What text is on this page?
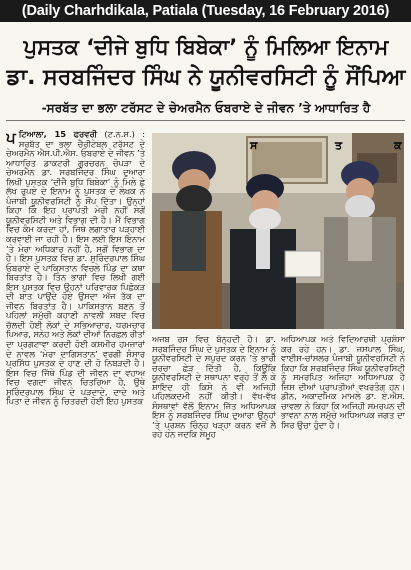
(Daily Charhdikala, Patiala (Tuesday, 16 February 2016)
ਪੁਸਤਕ ‘ਦੀਜੇ ਬੁਧਿ ਬਿਬੇਕਾ’ ਨੂੰ ਮਿਲਿਆ ਇਨਾਮ
ਡਾ. ਸਰਬਜਿੰਦਰ ਸਿੰਘ ਨੇ ਯੂਨੀਵਰਸਿਟੀ ਨੂੰ ਸੌਂਪਿਆ
-ਸਰਬੱਤ ਦਾ ਭਲਾ ਟਰੱਸਟ ਦੇ ਚੇਅਰਮੈਨ ਓਬਰਾਏ ਦੇ ਜੀਵਨ ’ਤੇ ਆਧਾਰਿਤ ਹੈ
ਪ ਟਿਆਲਾ, 15 ਫਰਵਰੀ (ਟ.ਨ.ਸ.) : ਸਰਬੱਤ ਦਾ ਭਲਾ ਚੈਰੀਟੇਬਲ ਟਰੱਸਟ ਦੇ ਚੇਅਰਮੈਨ ਐਸ.ਪੀ.ਐਸ. ਓਬਰਾਏ ਦੇ ਜੀਵਨ ’ਤੇ ਆਧਾਰਿਤ ਡਾਕਟਰੀ ਗੁਰਚਰਨ ਚੋਪੜਾ ਦੇ ਚੇਅਰਮੈਨ ਡਾ. ਸਰਬਜਿੰਦਰ ਸਿੰਘ ਦੁਆਰਾ ਲਿਖੀ ਪੁਸਤਕ ‘ਦੀਜੈ ਬੁਧਿ ਬਿਬੇਕਾ’ ਨੂੰ ਮਿਲੇ ਛੇ ਲੱਖ ਰੁਪਏ ਦੇ ਇਨਾਮ ਨੂੰ ਪੁਸਤਕ ਦੇ ਲੇਖਕ ਨੇ ਪੰਜਾਬੀ ਯੂਨੀਵਰਸਿਟੀ ਨੂੰ ਸੌਂਪ ਦਿੱਤਾ। ਉਨ੍ਹਾਂ ਕਿਹਾ ਕਿ ਇਹ ਪ੍ਰਾਪਤੀ ਮੇਰੀ ਨਹੀਂ ਸਗੋਂ ਯੂਨੀਵਰਸਿਟੀ ਅਤੇ ਵਿਭਾਗ ਦੀ ਹੈ। ਮੈਂ ਵਿਭਾਗ ਵਿਚ ਕੰਮ ਕਰਦਾ ਹਾਂ, ਜਿਥੇ ਲਗਾਤਾਰ ਪੜ੍ਹਾਈ ਕਰਵਾਈ ਜਾ ਰਹੀ ਹੈ। ਇਸ ਲਈ ਇਸ ਇਨਾਮ ’ਤੇ ਮੇਰਾ ਅਧਿਕਾਰ ਨਹੀਂ ਹੈ, ਸਗੋਂ ਵਿਭਾਗ ਦਾ ਹੈ। ਇਸ ਪੁਸਤਕ ਵਿਚ ਡਾ. ਸੁਰਿੰਦਰਪਾਲ ਸਿੰਘ ਓਬਰਾਏ ਦੇ ਪਾਕਿਸਤਾਨ ਵਿਚਲੇ ਪਿੰਡ ਦਾ ਕਥਾ ਬਿਰਤਾਂਤ ਹੈ। ਤਿੰਨ ਭਾਗਾਂ ਵਿਚ ਲਿਖੀ ਗਈ ਇਸ ਪੁਸਤਕ ਵਿਚ ਉਹਨਾਂ ਪਰਿਵਾਰਕ ਪਿਛੋਕੜ ਦੀ ਬਾਤ ਪਾਉਂਦੇ ਹੋਏ ਉਸਦਾ ਅੱਜ ਤੱਕ ਦਾ ਜੀਵਨ ਬਿਰਤਾਂਤ ਹੈ। ਪਾਕਿਸਤਾਨ ਬਣਨ ਤੋਂ ਪਹਿਲਾਂ ਸਮੁੱਚੀ ਕਹਾਣੀ ਨਾਵਲੀ ਸ਼ਬਦ ਵਿਚ ਚੱਲਦੀ ਹੋਈ ਲੋਕਾਂ ਦੇ ਸਭਿਆਚਾਰ, ਧਰਮਚਾਰ ਪਿਆਰ, ਸਨੇਹ ਅਤੇ ਲੋਕਾਂ ਦੀਆਂ ਨਿਰਛਲ ਰੀਤਾਂ ਦਾ ਪ੍ਰਗਟਾਵਾ ਕਰਦੀ ਹੋਈ ਕਸ਼ਮੀਰ ਹਮਜ਼ਾਰਾਂ ਦੇ ਨਾਵਲ ‘ਮੇਰਾ ਦਾਗਿਸਤਾਨ’ ਵਰਗੀ ਸੰਸਾਰ ਪ੍ਰਸਿੱਧ ਪੁਸਤਕ ਦੇ ਹਾਣ ਦੀ ਹੋ ਨਿਬੜਦੀ ਹੈ। ਇਸ ਵਿਚ ਜਿੱਥੇ ਪਿੰਡ ਦੀ ਜੀਵਨ ਦਾ ਵਹਾਅ ਵਿਚ ਵਗਦਾ ਜੀਵਨ ਚਿਤਰਿਆ ਹੈ, ਉਥੇ ਸੁਰਿੰਦਰਪਾਲ ਸਿੰਘ ਦੇ ਪੜਦਾਦੇ, ਦਾਦੇ ਅਤੇ ਪਿਤਾ ਦੇ ਜੀਵਨ ਨੂੰ ਚਿਤਰਦੀ ਹੋਈ ਇਹ ਪੁਸਤਕ

ਸ	ਤ	ਕ

ਅਜਬ ਰਸ ਵਿਚ ਬੰਨ੍ਹਦੀ ਹੈ। ਡਾ. ਸਰਬਜਿੰਦਰ ਸਿੰਘ ਦੇ ਪੁਸਤਕ ਦੇ ਇਨਾਮ ਨੂੰ ਯੂਨੀਵਰਸਿਟੀ ਦੇ ਸਪੁਰਦ ਕਰਨ ’ਤੇ ਭਾਰੀ ਚਰਚਾ ਛੇੜ ਦਿੱਤੀ ਹੈ, ਕਿਉਂਕਿ ਯੂਨੀਵਰਸਿਟੀ ਦੇ ਸਥਾਪਨਾ ਵਰ੍ਹੇ ਤੋਂ ਲੈ ਕੇ ਸ਼ਾਇਦ ਹੀ ਕਿਸੇ ਨੇ ਵੀ ਅਜਿਹੀ ਪਹਿਲਕਦਮੀ ਨਹੀਂ ਕੀਤੀ। ਵੱਖ-ਵੱਖ ਸੰਸਥਾਵਾਂ ਵੱਲੋਂ ਇਨਾਮ ਜਿੱਤ ਅਧਿਆਪਕ ਇਸ ਨੂੰ ਸਰਬਜਿੰਦਰ ਸਿੰਘ ਦੁਆਰਾ ਉਨ੍ਹਾਂ ’ਤੇ ਪ੍ਰਸ਼ਨ ਚਿੰਨ੍ਹ ਖੜ੍ਹਾ ਕਰਨ ਵਜੋਂ ਲੈ ਰਹੇ ਹਨ ਜਦਕਿ ਸਮੂਹ

ਅਧਿਆਪਕ ਅਤੇ ਵਿਦਿਆਰਥੀ ਪ੍ਰਸ਼ੰਸਾ ਕਰ ਰਹੇ ਹਨ। ਡਾ. ਜਸਪਾਲ ਸਿੰਘ, ਵਾਈਸ-ਚਾਂਸਲਰ ਪੰਜਾਬੀ ਯੂਨੀਵਰਸਿਟੀ ਨੇ ਕਿਹਾ ਕਿ ਸਰਬਜਿੰਦਰ ਸਿੰਘ ਯੂਨੀਵਰਸਿਟੀ ਨੂੰ ਸਮਰਪਿਤ ਅਜਿਹਾ ਅਧਿਆਪਕ ਹੈ ਜਿਸ ਦੀਆਂ ਪ੍ਰਾਪਤੀਆਂ ਵਖਰਤੰਗ ਹਨ। ਡੀਨ, ਅਕਾਦਮਿਕ ਮਾਮਲੇ ਡਾ. ਏ.ਐਸ. ਚਾਵਲਾ ਨੇ ਕਿਹਾ ਕਿ ਅਜਿਹੀ ਸਮਰਪਨ ਦੀ ਭਾਵਨਾ ਨਾਲ ਸਮੁੱਚੇ ਅਧਿਆਪਕ ਜਗਤ ਦਾ ਸਿਰ ਉਚਾ ਹੁੰਦਾ ਹੈ।
